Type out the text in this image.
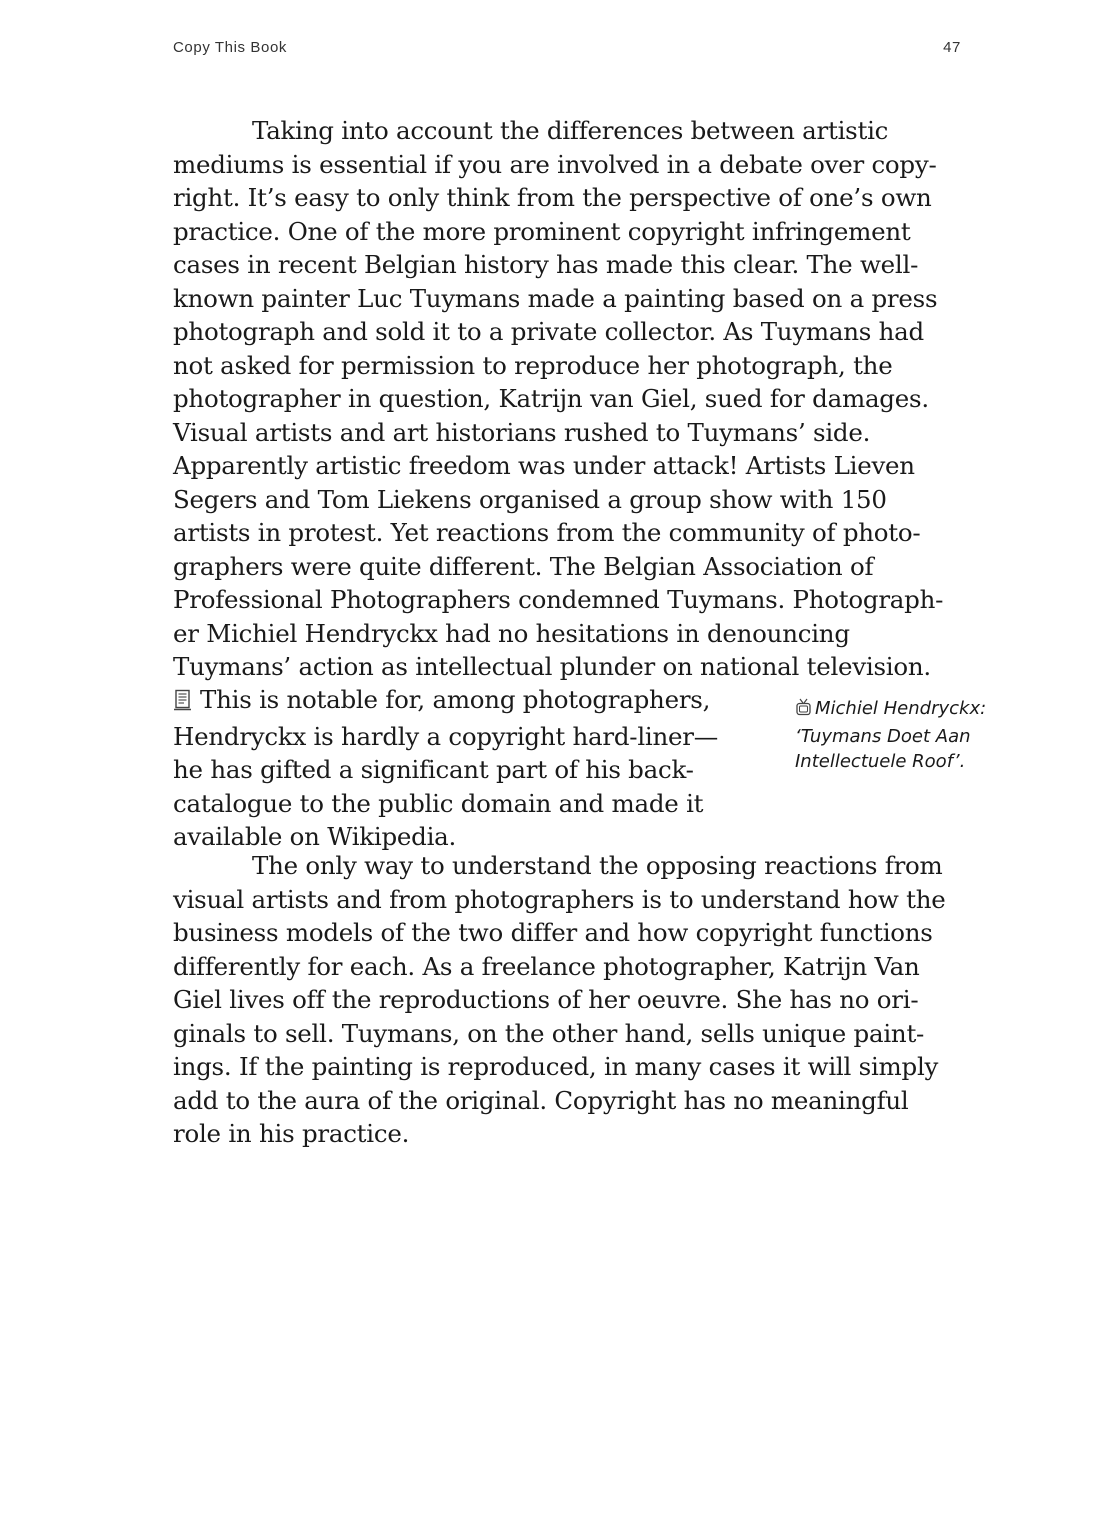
Copy This Book	47
Taking into account the differences between artistic
mediums is essential if you are involved in a debate over copy-
right. It’s easy to only think from the perspective of one’s own
practice. One of the more prominent copyright infringement
cases in recent Belgian history has made this clear. The well-
known painter Luc Tuymans made a painting based on a press
photograph and sold it to a private collector. As Tuymans had
not asked for permission to reproduce her photograph, the
photographer in question, Katrijn van Giel, sued for damages.
Visual artists and art historians rushed to Tuymans’ side.
Apparently artistic freedom was under attack! Artists Lieven
Segers and Tom Liekens organised a group show with 150
artists in protest. Yet reactions from the community of photo-
graphers were quite different. The Belgian Association of
Professional Photographers condemned Tuymans. Photograph-
er Michiel Hendryckx had no hesitations in denouncing
Tuymans’ action as intellectual plunder on national television.
This is notable for, among photographers,
Hendryckx is hardly a copyright hard-liner—
he has gifted a significant part of his back-
catalogue to the public domain and made it
available on Wikipedia.
Michiel Hendryckx:
‘Tuymans Doet Aan
Intellectuele Roof’.
The only way to understand the opposing reactions from
visual artists and from photographers is to understand how the
business models of the two differ and how copyright functions
differently for each. As a freelance photographer, Katrijn Van
Giel lives off the reproductions of her oeuvre. She has no ori-
ginals to sell. Tuymans, on the other hand, sells unique paint-
ings. If the painting is reproduced, in many cases it will simply
add to the aura of the original. Copyright has no meaningful
role in his practice.
